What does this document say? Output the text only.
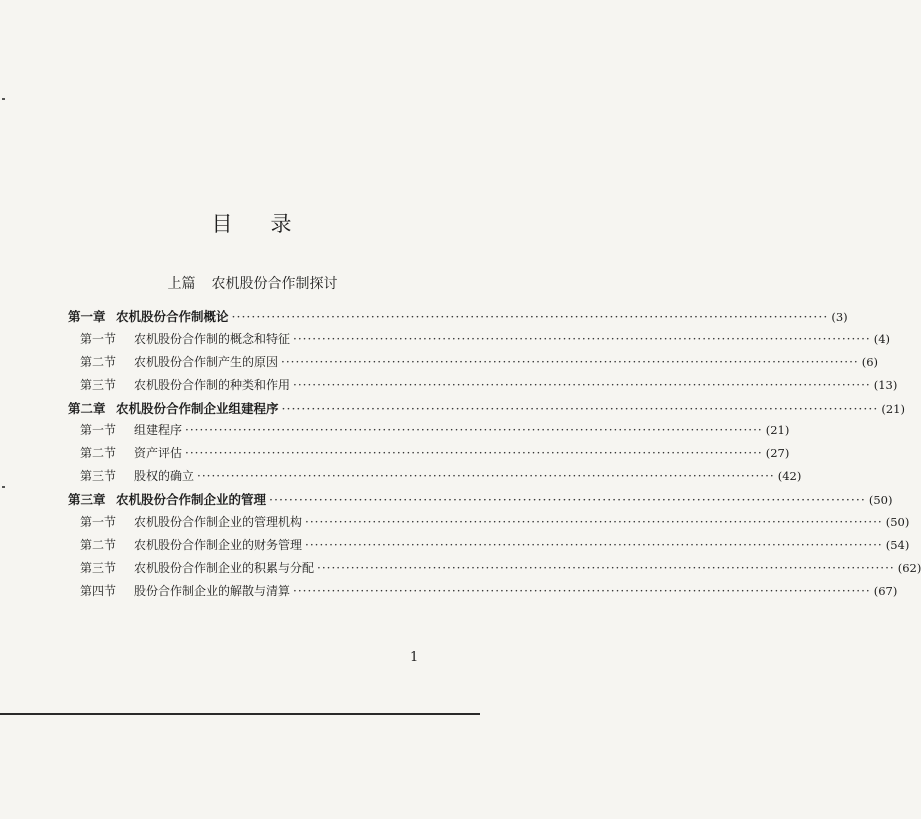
目 录
上篇 农机股份合作制探讨
第一章 农机股份合作制概论 ························································································································ (3)
第一节	农机股份合作制的概念和特征 ························································································································ (4)
第二节	农机股份合作制产生的原因 ························································································································ (6)
第三节	农机股份合作制的种类和作用 ························································································································ (13)
第二章 农机股份合作制企业组建程序 ························································································································ (21)
第一节	组建程序 ························································································································ (21)
第二节	资产评估 ························································································································ (27)
第三节	股权的确立 ························································································································ (42)
第三章 农机股份合作制企业的管理 ························································································································ (50)
第一节	农机股份合作制企业的管理机构 ························································································································ (50)
第二节	农机股份合作制企业的财务管理 ························································································································ (54)
第三节	农机股份合作制企业的积累与分配 ························································································································ (62)
第四节	股份合作制企业的解散与清算 ························································································································ (67)
1
